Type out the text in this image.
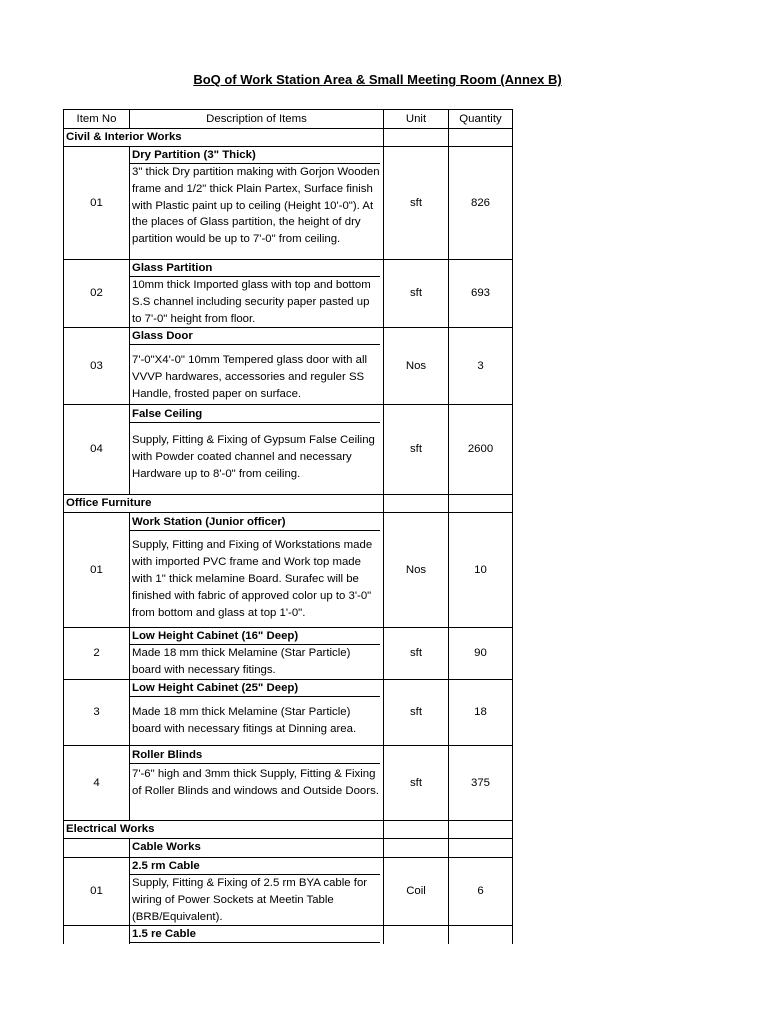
BoQ of Work Station Area & Small Meeting Room (Annex B)
Item No	Description of Items	Unit	Quantity
Civil & Interior Works			
01	Dry Partition (3" Thick)
3" thick Dry partition making with Gorjon Wooden frame and 1/2" thick Plain Partex, Surface finish with Plastic paint up to ceiling (Height 10'-0"). At the places of Glass partition, the height of dry partition would be up to 7'-0" from ceiling.	sft	826
02	Glass Partition
10mm thick Imported glass with top and bottom S.S channel including security paper pasted up to 7'-0" height from floor.	sft	693
03	Glass Door
7'-0"X4'-0" 10mm Tempered glass door with all VVVP hardwares, accessories and reguler SS Handle, frosted paper on surface.	Nos	3
04	False Ceiling
Supply, Fitting & Fixing of Gypsum False Ceiling with Powder coated channel and necessary Hardware up to 8'-0" from ceiling.	sft	2600
Office Furniture			
01	Work Station (Junior officer)
Supply, Fitting and Fixing of Workstations made with imported PVC frame and Work top made with 1" thick melamine Board. Surafec will be finished with fabric of approved color up to 3'-0" from bottom and glass at top 1'-0".	Nos	10
2	Low Height Cabinet (16" Deep)
Made 18 mm thick Melamine (Star Particle) board with necessary fitings.	sft	90
3	Low Height Cabinet (25" Deep)
Made 18 mm thick Melamine (Star Particle) board with necessary fitings at Dinning area.	sft	18
4	Roller Blinds
7'-6" high and 3mm thick Supply, Fitting & Fixing of Roller Blinds and windows and Outside Doors.	sft	375
Electrical Works			

	Cable Works		

01	2.5 rm Cable
Supply, Fitting & Fixing of 2.5 rm BYA cable for wiring of Power Sockets at Meetin Table (BRB/Equivalent).	Coil	6

	1.5 re Cable		
